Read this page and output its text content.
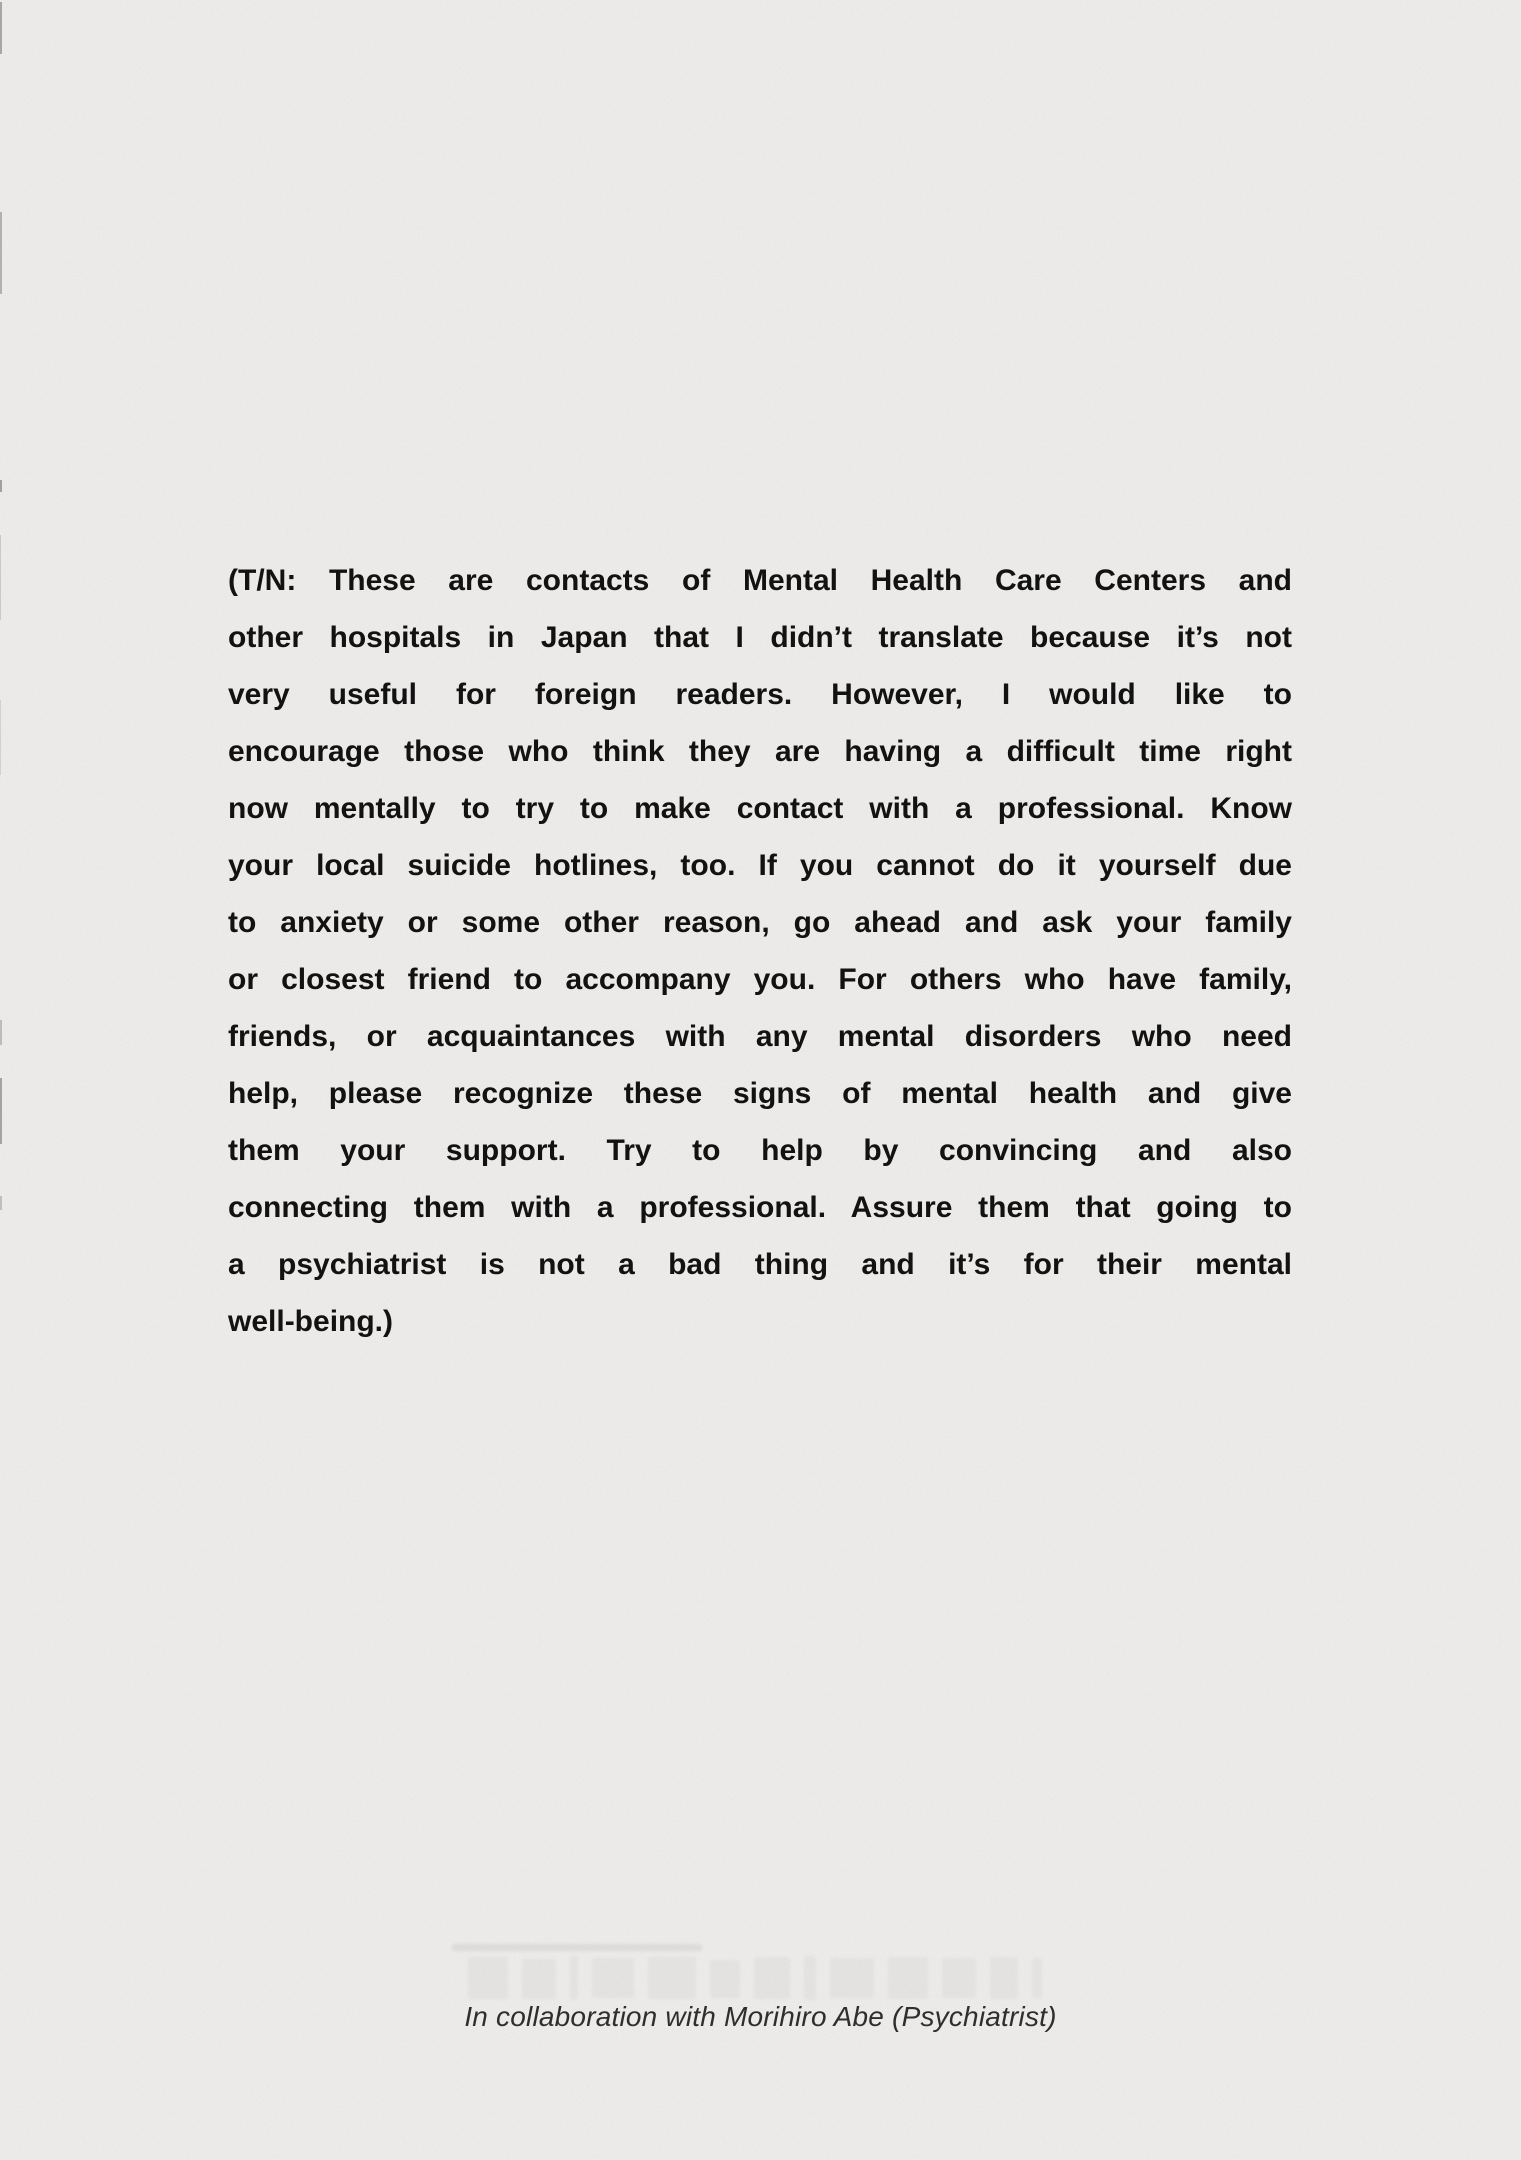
(T/N: These are contacts of Mental Health Care Centers and
other hospitals in Japan that I didn’t translate because it’s not
very useful for foreign readers. However, I would like to
encourage those who think they are having a difficult time right
now mentally to try to make contact with a professional. Know
your local suicide hotlines, too. If you cannot do it yourself due
to anxiety or some other reason, go ahead and ask your family
or closest friend to accompany you. For others who have family,
friends, or acquaintances with any mental disorders who need
help, please recognize these signs of mental health and give
them your support. Try to help by convincing and also
connecting them with a professional. Assure them that going to
a psychiatrist is not a bad thing and it’s for their mental
well-being.)
In collaboration with Morihiro Abe (Psychiatrist)
